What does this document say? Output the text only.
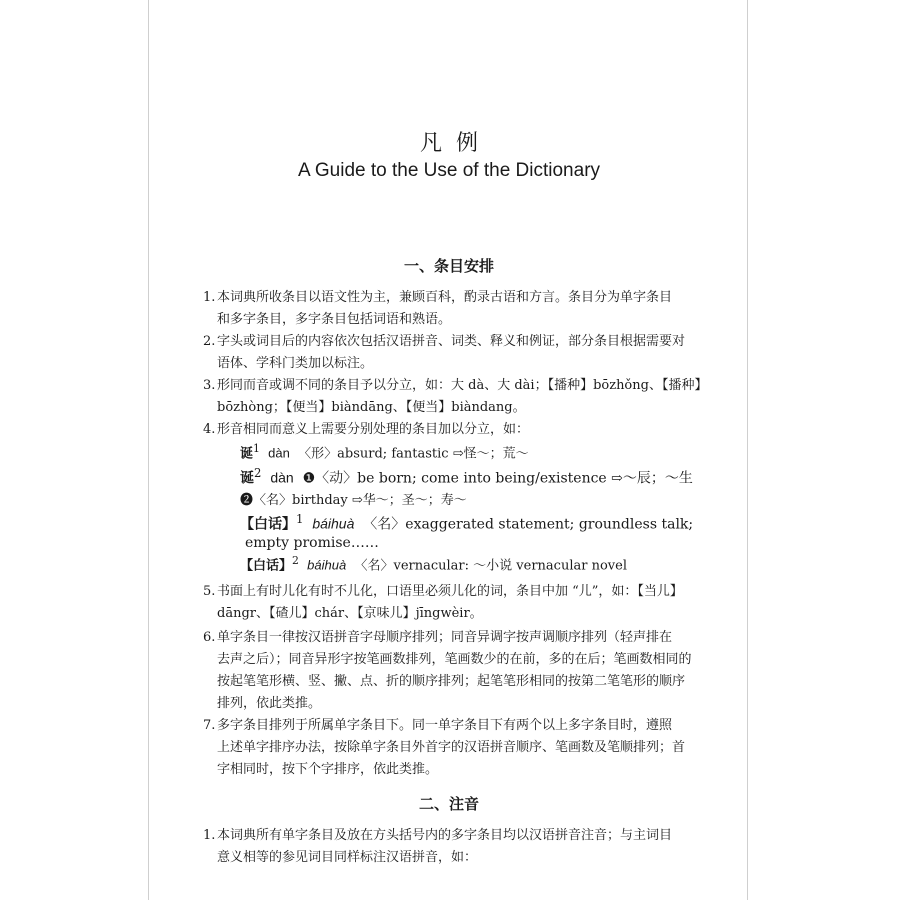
凡例
A Guide to the Use of the Dictionary
一、条目安排
1. 本词典所收条目以语文性为主，兼顾百科，酌录古语和方言。条目分为单字条目
和多字条目，多字条目包括词语和熟语。
2. 字头或词目后的内容依次包括汉语拼音、词类、释义和例证，部分条目根据需要对
语体、学科门类加以标注。
3. 形同而音或调不同的条目予以分立，如：大 dà、大 dài；【播种】bōzhǒng、【播种】
bōzhòng；【便当】biàndāng、【便当】biàndang。
4. 形音相同而意义上需要分别处理的条目加以分立，如：
诞$^1$ dàn 〈形〉absurd; fantastic ⇨怪～；荒～
诞$^2$ dàn ❶〈动〉be born; come into being/existence ⇨～辰；～生
❷〈名〉birthday ⇨华～；圣～；寿～
【白话】$^1$ báihuà 〈名〉exaggerated statement; groundless talk;
empty promise……
【白话】$^2$ báihuà 〈名〉vernacular: ～小说 vernacular novel
5. 书面上有时儿化有时不儿化，口语里必须儿化的词，条目中加 “儿”，如：【当儿】
dāngr、【碴儿】chár、【京味儿】jīngwèir。
6. 单字条目一律按汉语拼音字母顺序排列；同音异调字按声调顺序排列（轻声排在
去声之后）；同音异形字按笔画数排列，笔画数少的在前，多的在后；笔画数相同的
按起笔笔形横、竖、撇、点、折的顺序排列；起笔笔形相同的按第二笔笔形的顺序
排列，依此类推。
7. 多字条目排列于所属单字条目下。同一单字条目下有两个以上多字条目时，遵照
上述单字排序办法，按除单字条目外首字的汉语拼音顺序、笔画数及笔顺排列；首
字相同时，按下个字排序，依此类推。
二、注音
1. 本词典所有单字条目及放在方头括号内的多字条目均以汉语拼音注音；与主词目
意义相等的参见词目同样标注汉语拼音，如：
